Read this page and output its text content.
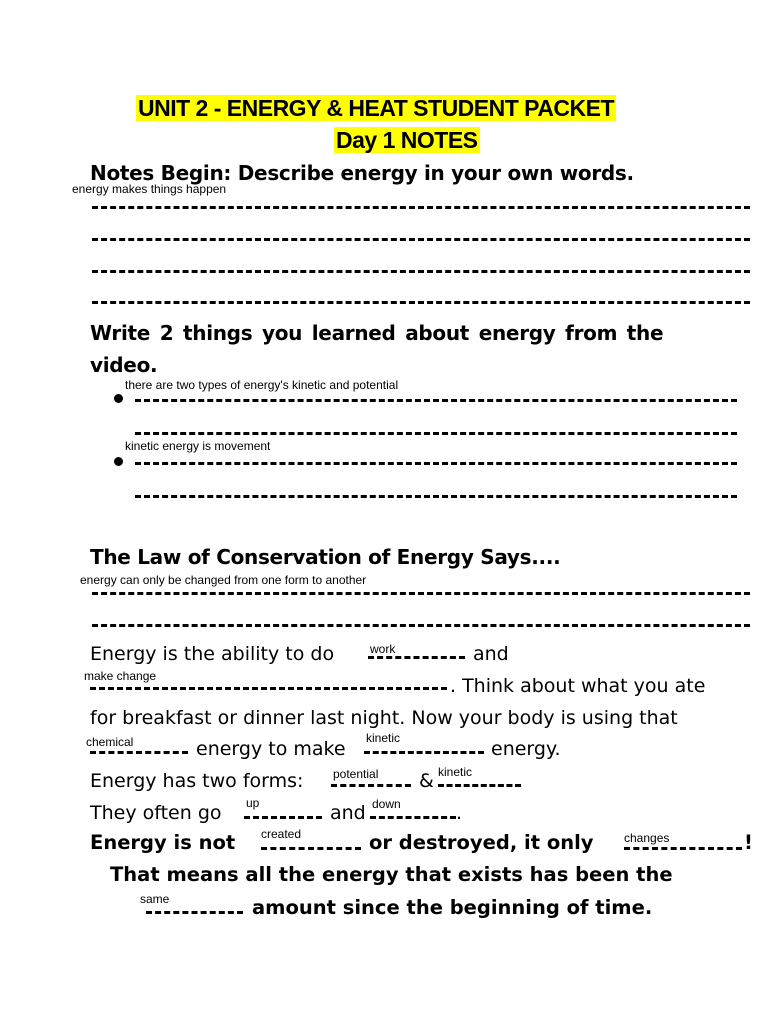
UNIT 2 - ENERGY & HEAT STUDENT PACKET
Day 1 NOTES
Notes Begin: Describe energy in your own words.
energy makes things happen
Write 2 things you learned about energy from the
video.
there are two types of energy's kinetic and potential
kinetic energy is movement
The Law of Conservation of Energy Says....
energy can only be changed from one form to another
Energy is the ability to do	work	and
make change	. Think about what you ate
for breakfast or dinner last night. Now your body is using that
chemical	energy to make kinetic	energy.
Energy has two forms: potential & kinetic
They often go up	and down	.
Energy is not created	or destroyed, it only	changes	!
That means all the energy that exists has been the
same	amount since the beginning of time.
